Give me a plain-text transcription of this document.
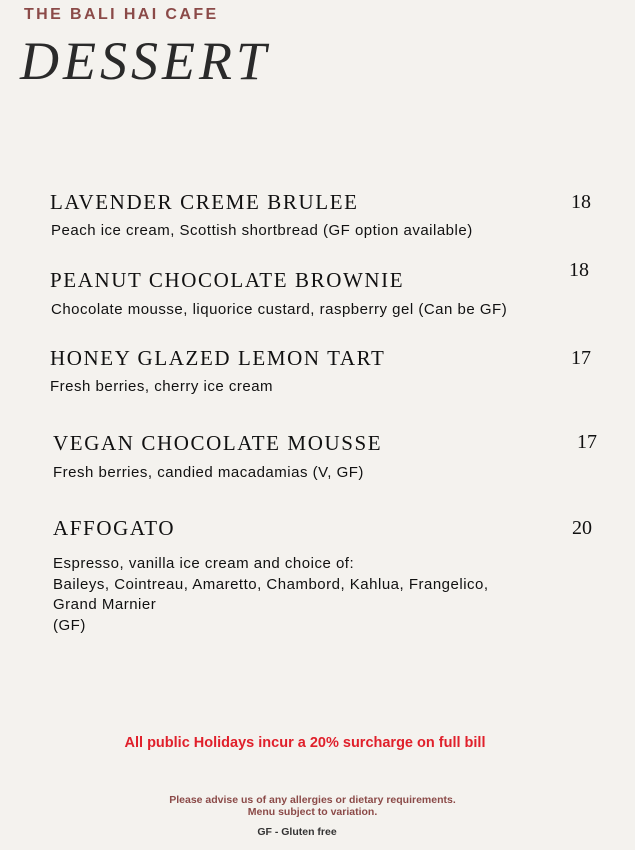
THE BALI HAI CAFE
DESSERT
LAVENDER CREME BRULEE	18
Peach ice cream, Scottish shortbread (GF option available)
PEANUT CHOCOLATE BROWNIE	18
Chocolate mousse, liquorice custard, raspberry gel (Can be GF)
HONEY GLAZED LEMON TART	17
Fresh berries, cherry ice cream
VEGAN CHOCOLATE MOUSSE	17
Fresh berries, candied macadamias (V, GF)
AFFOGATO	20
Espresso, vanilla ice cream and choice of:
Baileys, Cointreau, Amaretto, Chambord, Kahlua, Frangelico,
Grand Marnier
(GF)
All public Holidays incur a 20% surcharge on full bill
Please advise us of any allergies or dietary requirements.
Menu subject to variation.
GF - Gluten free
